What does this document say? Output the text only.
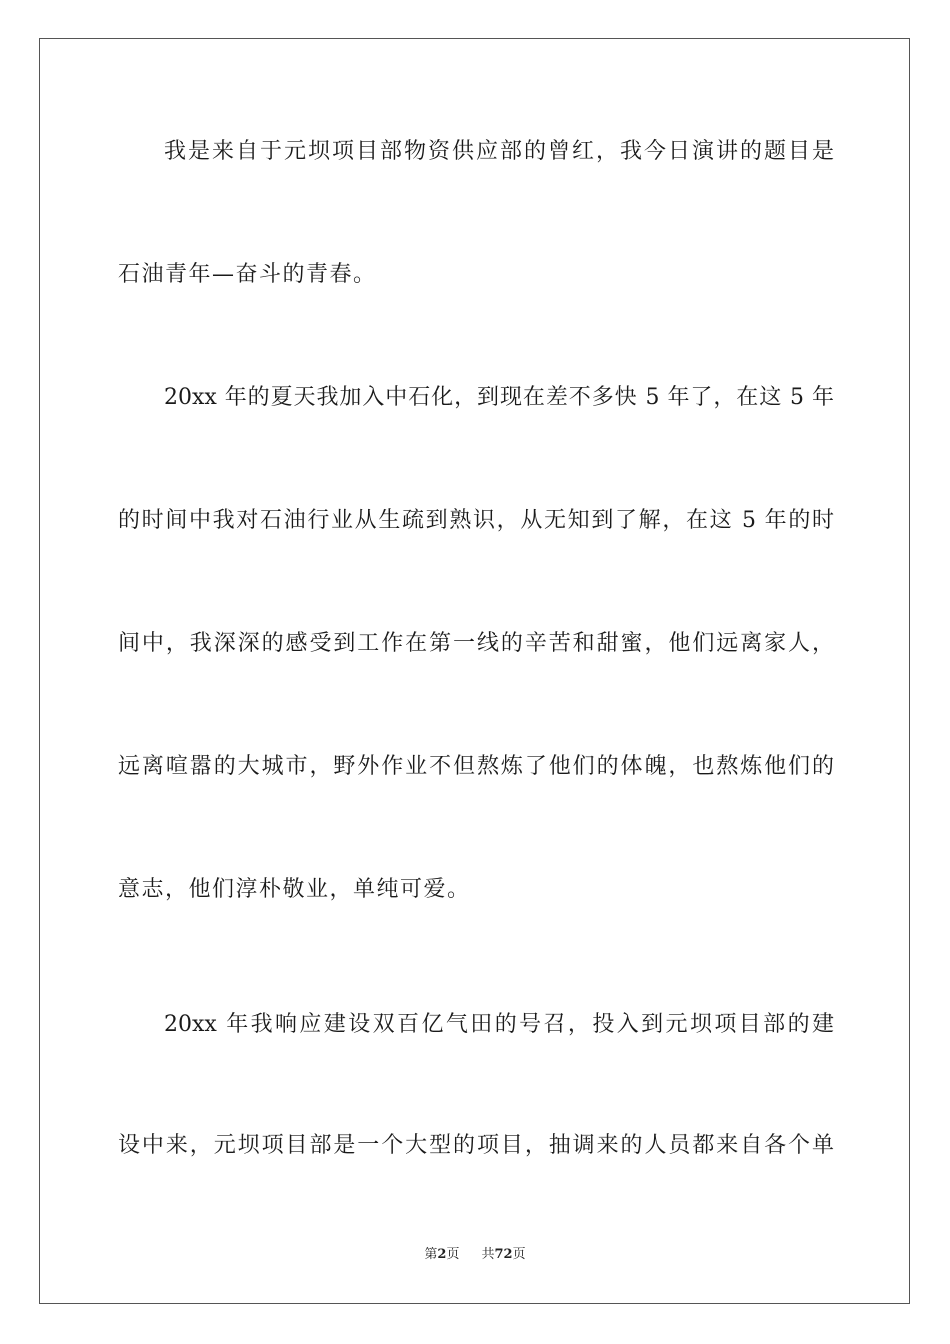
我是来自于元坝项目部物资供应部的曾红，我今日演讲的题目是
石油青年—奋斗的青春。
20xx 年的夏天我加入中石化，到现在差不多快 5 年了，在这 5 年
的时间中我对石油行业从生疏到熟识，从无知到了解，在这 5 年的时
间中，我深深的感受到工作在第一线的辛苦和甜蜜，他们远离家人，
远离喧嚣的大城市，野外作业不但熬炼了他们的体魄，也熬炼他们的
意志，他们淳朴敬业，单纯可爱。
20xx 年我响应建设双百亿气田的号召，投入到元坝项目部的建
设中来，元坝项目部是一个大型的项目，抽调来的人员都来自各个单
第2页 共72页
